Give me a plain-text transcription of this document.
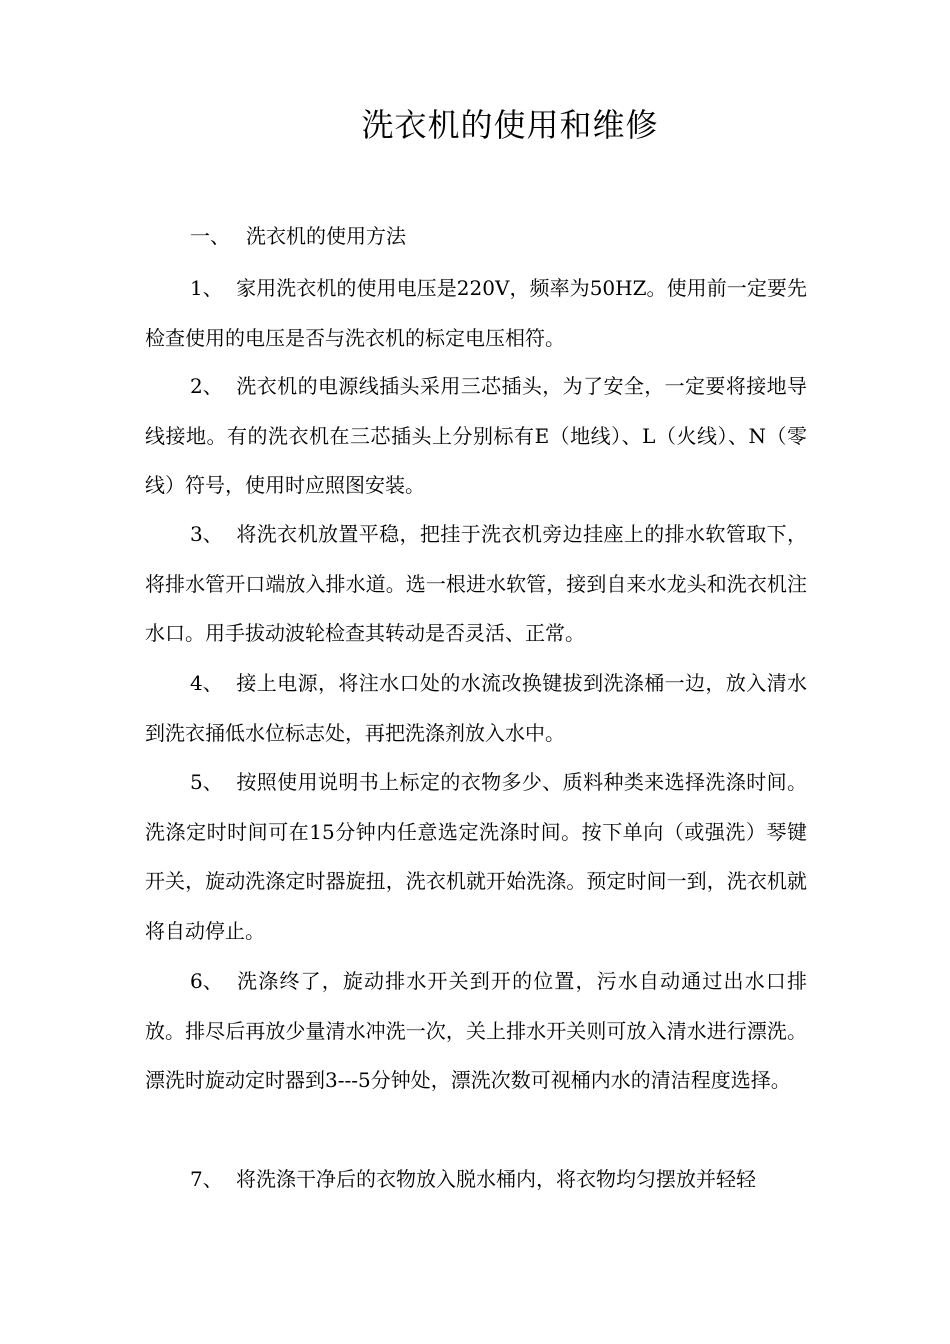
洗衣机的使用和维修
一、 洗衣机的使用方法

1、 家用洗衣机的使用电压是220V，频率为50HZ。使用前一定要先检查使用的电压是否与洗衣机的标定电压相符。

2、 洗衣机的电源线插头采用三芯插头，为了安全，一定要将接地导线接地。有的洗衣机在三芯插头上分别标有E（地线）、L（火线）、N（零线）符号，使用时应照图安装。

3、 将洗衣机放置平稳，把挂于洗衣机旁边挂座上的排水软管取下，将排水管开口端放入排水道。选一根进水软管，接到自来水龙头和洗衣机注水口。用手拔动波轮检查其转动是否灵活、正常。

4、 接上电源，将注水口处的水流改换键拔到洗涤桶一边，放入清水到洗衣捅低水位标志处，再把洗涤剂放入水中。

5、 按照使用说明书上标定的衣物多少、质料种类来选择洗涤时间。洗涤定时时间可在15分钟内任意选定洗涤时间。按下单向（或强洗）琴键开关，旋动洗涤定时器旋扭，洗衣机就开始洗涤。预定时间一到，洗衣机就将自动停止。

6、 洗涤终了，旋动排水开关到开的位置，污水自动通过出水口排放。排尽后再放少量清水冲洗一次，关上排水开关则可放入清水进行漂洗。漂洗时旋动定时器到3---5分钟处，漂洗次数可视桶内水的清洁程度选择。

7、 将洗涤干净后的衣物放入脱水桶内，将衣物均匀摆放并轻轻
